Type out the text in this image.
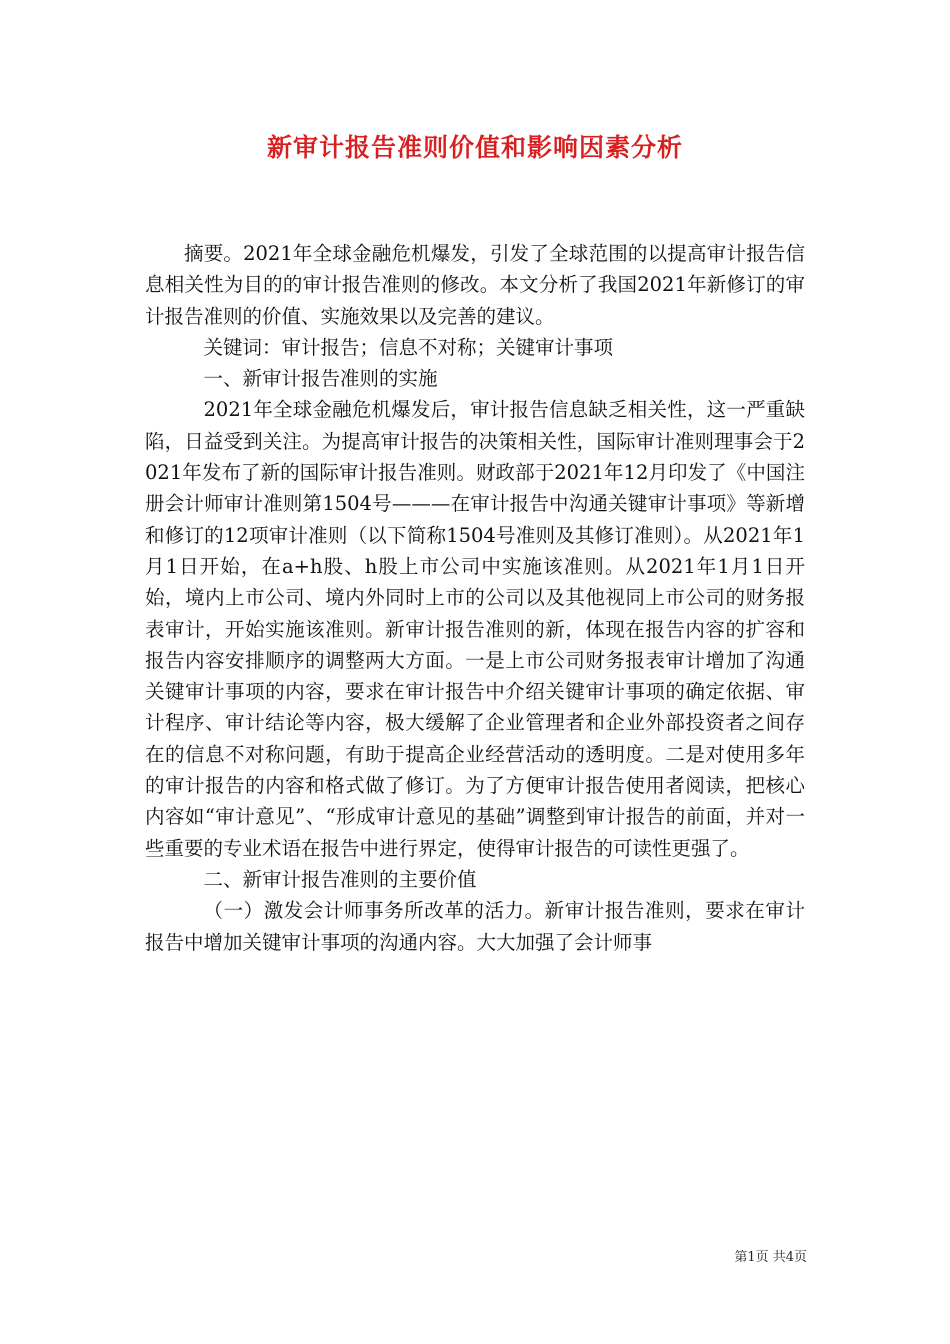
新审计报告准则价值和影响因素分析

摘要。2021年全球金融危机爆发，引发了全球范围的以提高审计报告信息相关性为目的的审计报告准则的修改。本文分析了我国2021年新修订的审计报告准则的价值、实施效果以及完善的建议。

关键词：审计报告；信息不对称；关键审计事项

一、新审计报告准则的实施

2021年全球金融危机爆发后，审计报告信息缺乏相关性，这一严重缺陷，日益受到关注。为提高审计报告的决策相关性，国际审计准则理事会于2021年发布了新的国际审计报告准则。财政部于2021年12月印发了《中国注册会计师审计准则第1504号———在审计报告中沟通关键审计事项》等新增和修订的12项审计准则（以下简称1504号准则及其修订准则）。从2021年1月1日开始，在a+h股、h股上市公司中实施该准则。从2021年1月1日开始，境内上市公司、境内外同时上市的公司以及其他视同上市公司的财务报表审计，开始实施该准则。新审计报告准则的新，体现在报告内容的扩容和报告内容安排顺序的调整两大方面。一是上市公司财务报表审计增加了沟通关键审计事项的内容，要求在审计报告中介绍关键审计事项的确定依据、审计程序、审计结论等内容，极大缓解了企业管理者和企业外部投资者之间存在的信息不对称问题，有助于提高企业经营活动的透明度。二是对使用多年的审计报告的内容和格式做了修订。为了方便审计报告使用者阅读，把核心内容如“审计意见”、“形成审计意见的基础”调整到审计报告的前面，并对一些重要的专业术语在报告中进行界定，使得审计报告的可读性更强了。

二、新审计报告准则的主要价值

（一）激发会计师事务所改革的活力。新审计报告准则，要求在审计报告中增加关键审计事项的沟通内容。大大加强了会计师事

第1页 共4页
